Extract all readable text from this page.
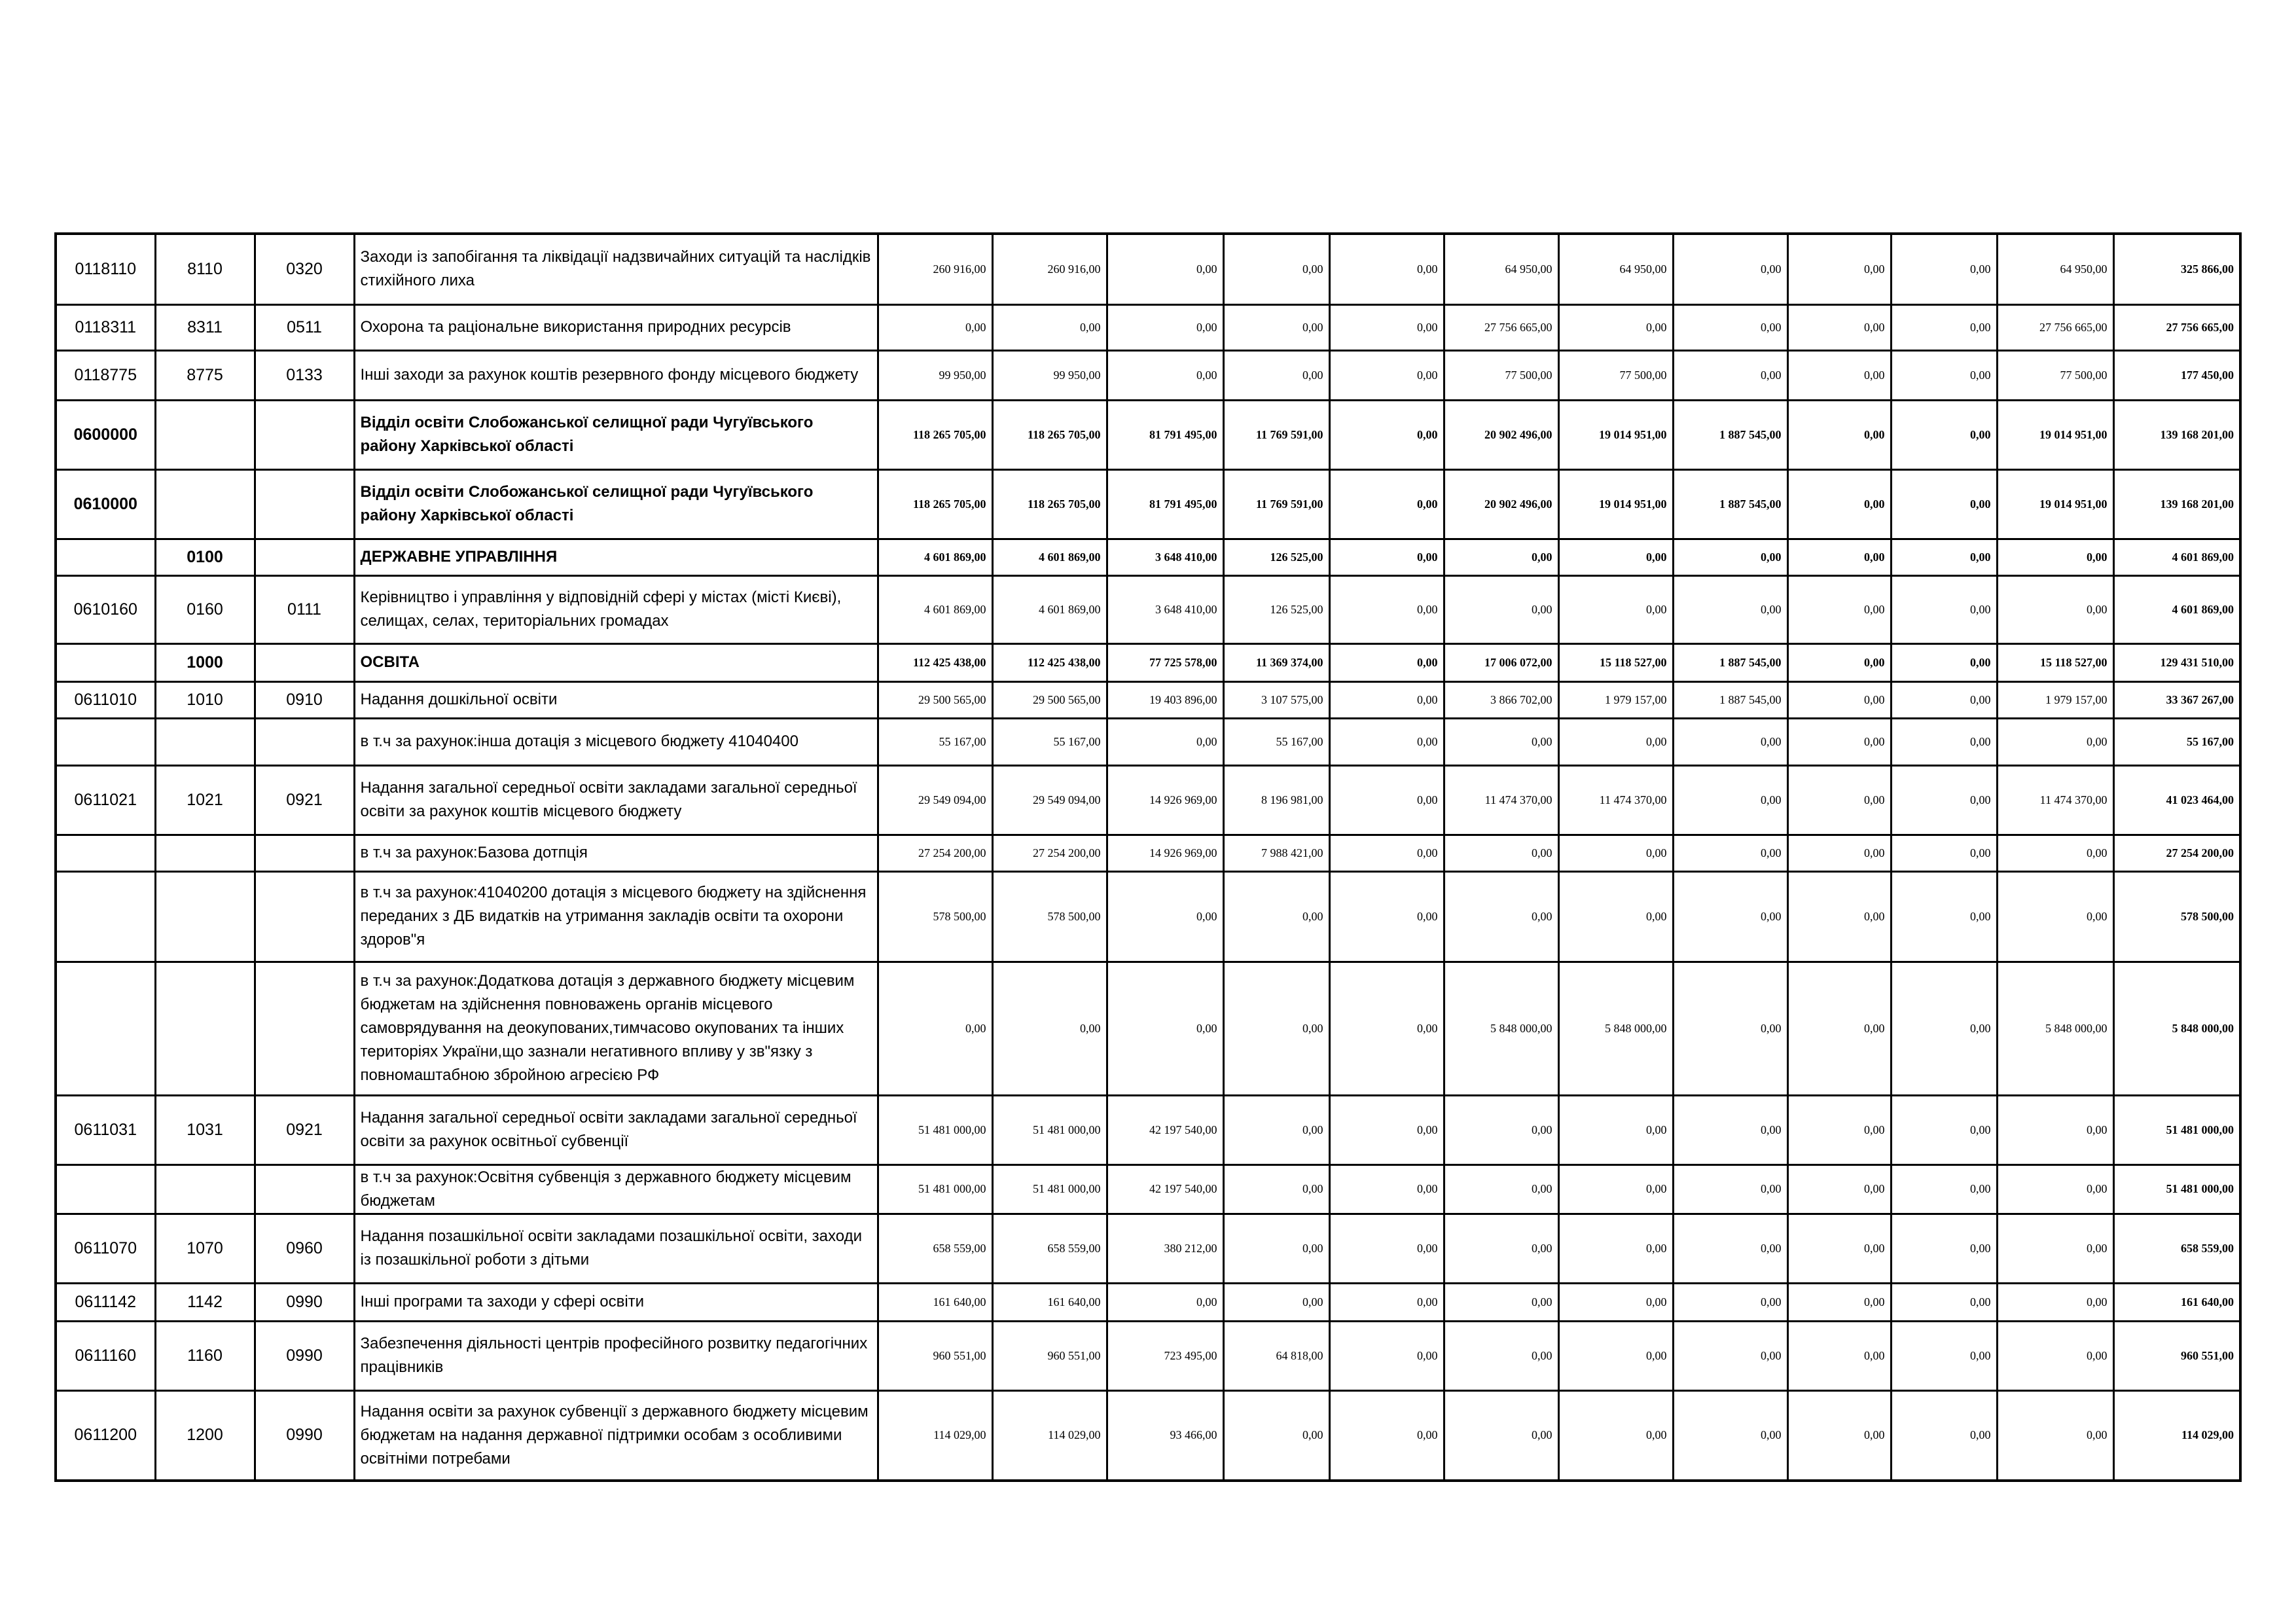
0118110	8110	0320	Заходи із запобігання та ліквідації надзвичайних ситуацій та наслідків стихійного лиха	260 916,00	260 916,00	0,00	0,00	0,00	64 950,00	64 950,00	0,00	0,00	0,00	64 950,00	325 866,00
0118311	8311	0511	Охорона та раціональне використання природних ресурсів	0,00	0,00	0,00	0,00	0,00	27 756 665,00	0,00	0,00	0,00	0,00	27 756 665,00	27 756 665,00
0118775	8775	0133	Інші заходи за рахунок коштів резервного фонду місцевого бюджету	99 950,00	99 950,00	0,00	0,00	0,00	77 500,00	77 500,00	0,00	0,00	0,00	77 500,00	177 450,00
0600000			Відділ освіти Слобожанської селищної ради Чугуївського району Харківської області	118 265 705,00	118 265 705,00	81 791 495,00	11 769 591,00	0,00	20 902 496,00	19 014 951,00	1 887 545,00	0,00	0,00	19 014 951,00	139 168 201,00
0610000			Відділ освіти Слобожанської селищної ради Чугуївського району Харківської області	118 265 705,00	118 265 705,00	81 791 495,00	11 769 591,00	0,00	20 902 496,00	19 014 951,00	1 887 545,00	0,00	0,00	19 014 951,00	139 168 201,00
	0100		ДЕРЖАВНЕ УПРАВЛІННЯ	4 601 869,00	4 601 869,00	3 648 410,00	126 525,00	0,00	0,00	0,00	0,00	0,00	0,00	0,00	4 601 869,00
0610160	0160	0111	Керівництво і управління у відповідній сфері у містах (місті Києві), селищах, селах, територіальних громадах	4 601 869,00	4 601 869,00	3 648 410,00	126 525,00	0,00	0,00	0,00	0,00	0,00	0,00	0,00	4 601 869,00
	1000		ОСВІТА	112 425 438,00	112 425 438,00	77 725 578,00	11 369 374,00	0,00	17 006 072,00	15 118 527,00	1 887 545,00	0,00	0,00	15 118 527,00	129 431 510,00
0611010	1010	0910	Надання дошкільної освіти	29 500 565,00	29 500 565,00	19 403 896,00	3 107 575,00	0,00	3 866 702,00	1 979 157,00	1 887 545,00	0,00	0,00	1 979 157,00	33 367 267,00
			в т.ч за рахунок:інша дотація з місцевого бюджету 41040400	55 167,00	55 167,00	0,00	55 167,00	0,00	0,00	0,00	0,00	0,00	0,00	0,00	55 167,00
0611021	1021	0921	Надання загальної середньої освіти закладами загальної середньої освіти за рахунок коштів місцевого бюджету	29 549 094,00	29 549 094,00	14 926 969,00	8 196 981,00	0,00	11 474 370,00	11 474 370,00	0,00	0,00	0,00	11 474 370,00	41 023 464,00
			в т.ч за рахунок:Базова дотпція	27 254 200,00	27 254 200,00	14 926 969,00	7 988 421,00	0,00	0,00	0,00	0,00	0,00	0,00	0,00	27 254 200,00
			в т.ч за рахунок:41040200 дотація з місцевого бюджету на здійснення переданих з ДБ видатків на утримання закладів освіти та охорони здоров"я	578 500,00	578 500,00	0,00	0,00	0,00	0,00	0,00	0,00	0,00	0,00	0,00	578 500,00
			в т.ч за рахунок:Додаткова дотація з державного бюджету місцевим бюджетам на здійснення повноважень органів місцевого самоврядування на деокупованих,тимчасово окупованих та інших територіях України,що зазнали негативного впливу у зв"язку з повномаштабною збройною агресією РФ	0,00	0,00	0,00	0,00	0,00	5 848 000,00	5 848 000,00	0,00	0,00	0,00	5 848 000,00	5 848 000,00
0611031	1031	0921	Надання загальної середньої освіти закладами загальної середньої освіти за рахунок освітньої субвенції	51 481 000,00	51 481 000,00	42 197 540,00	0,00	0,00	0,00	0,00	0,00	0,00	0,00	0,00	51 481 000,00
			в т.ч за рахунок:Освітня субвенція з державного бюджету місцевим бюджетам	51 481 000,00	51 481 000,00	42 197 540,00	0,00	0,00	0,00	0,00	0,00	0,00	0,00	0,00	51 481 000,00
0611070	1070	0960	Надання позашкільної освіти закладами позашкільної освіти, заходи із позашкільної роботи з дітьми	658 559,00	658 559,00	380 212,00	0,00	0,00	0,00	0,00	0,00	0,00	0,00	0,00	658 559,00
0611142	1142	0990	Інші програми та заходи у сфері освіти	161 640,00	161 640,00	0,00	0,00	0,00	0,00	0,00	0,00	0,00	0,00	0,00	161 640,00
0611160	1160	0990	Забезпечення діяльності центрів професійного розвитку педагогічних працівників	960 551,00	960 551,00	723 495,00	64 818,00	0,00	0,00	0,00	0,00	0,00	0,00	0,00	960 551,00
0611200	1200	0990	Надання освіти за рахунок субвенції з державного бюджету місцевим бюджетам на надання державної підтримки особам з особливими освітніми потребами	114 029,00	114 029,00	93 466,00	0,00	0,00	0,00	0,00	0,00	0,00	0,00	0,00	114 029,00
